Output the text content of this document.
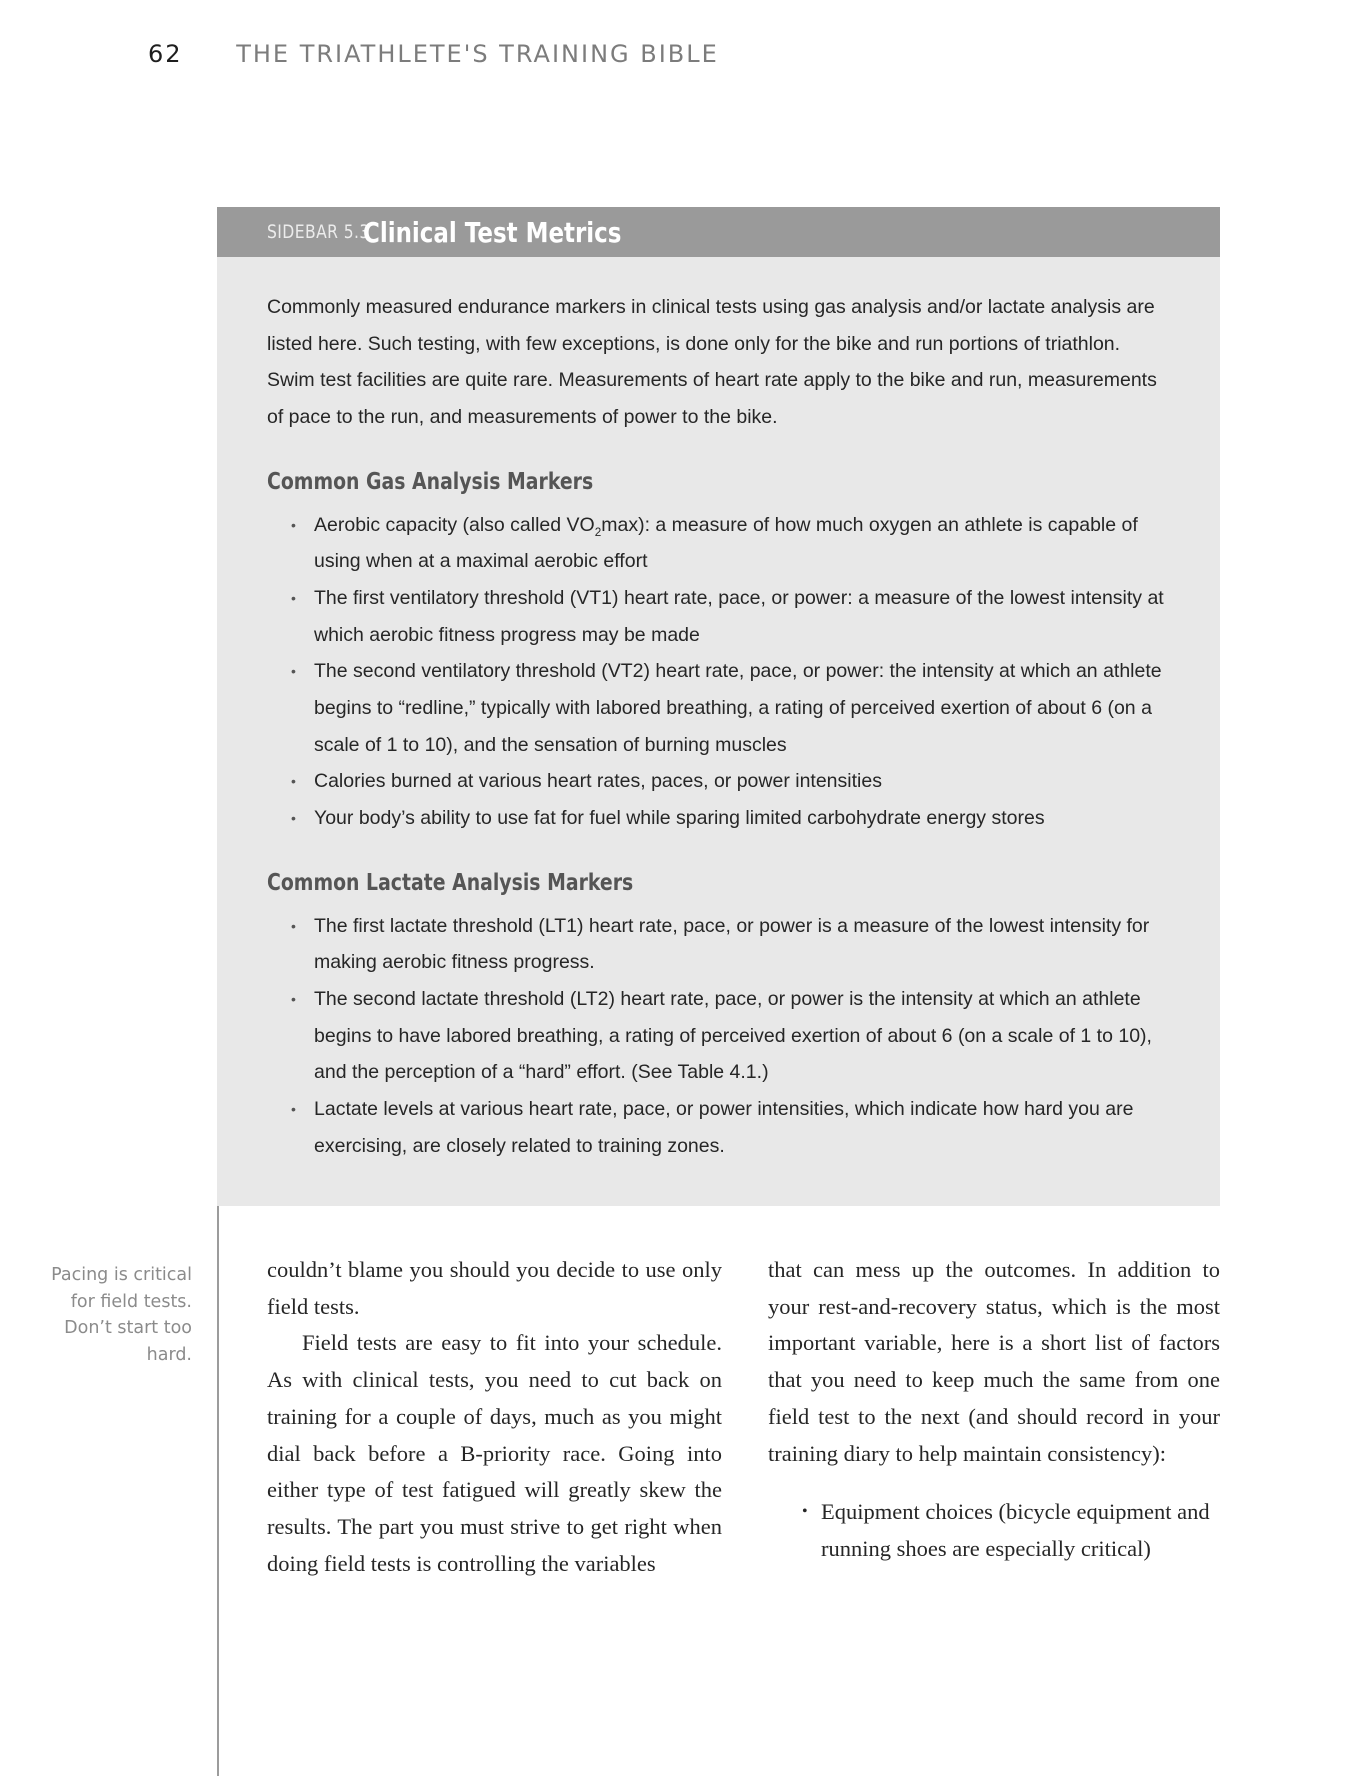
62 THE TRIATHLETE'S TRAINING BIBLE
SIDEBAR 5.3
Clinical Test Metrics

Commonly measured endurance markers in clinical tests using gas analysis and/or lactate analysis are listed here. Such testing, with few exceptions, is done only for the bike and run portions of triathlon. Swim test facilities are quite rare. Measurements of heart rate apply to the bike and run, measurements of pace to the run, and measurements of power to the bike.

Common Gas Analysis Markers
• Aerobic capacity (also called $VO_2\max$): a measure of how much oxygen an athlete is capable of using when at a maximal aerobic effort
• The first ventilatory threshold (VT1) heart rate, pace, or power: a measure of the lowest intensity at which aerobic fitness progress may be made
• The second ventilatory threshold (VT2) heart rate, pace, or power: the intensity at which an athlete begins to “redline,” typically with labored breathing, a rating of perceived exertion of about 6 (on a scale of 1 to 10), and the sensation of burning muscles
• Calories burned at various heart rates, paces, or power intensities
• Your body’s ability to use fat for fuel while sparing limited carbohydrate energy stores
Common Lactate Analysis Markers
• The first lactate threshold (LT1) heart rate, pace, or power is a measure of the lowest intensity for making aerobic fitness progress.
• The second lactate threshold (LT2) heart rate, pace, or power is the intensity at which an athlete begins to have labored breathing, a rating of perceived exertion of about 6 (on a scale of 1 to 10), and the perception of a “hard” effort. (See Table 4.1.)
• Lactate levels at various heart rate, pace, or power intensities, which indicate how hard you are exercising, are closely related to training zones.
Pacing is critical for field tests. Don’t start too hard.

couldn’t blame you should you decide to use only field tests.

Field tests are easy to fit into your schedule. As with clinical tests, you need to cut back on training for a couple of days, much as you might dial back before a B-priority race. Going into either type of test fatigued will greatly skew the results. The part you must strive to get right when doing field tests is controlling the variables

that can mess up the outcomes. In addition to your rest-and-recovery status, which is the most important variable, here is a short list of factors that you need to keep much the same from one field test to the next (and should record in your training diary to help maintain consistency):

• Equipment choices (bicycle equipment and running shoes are especially critical)
